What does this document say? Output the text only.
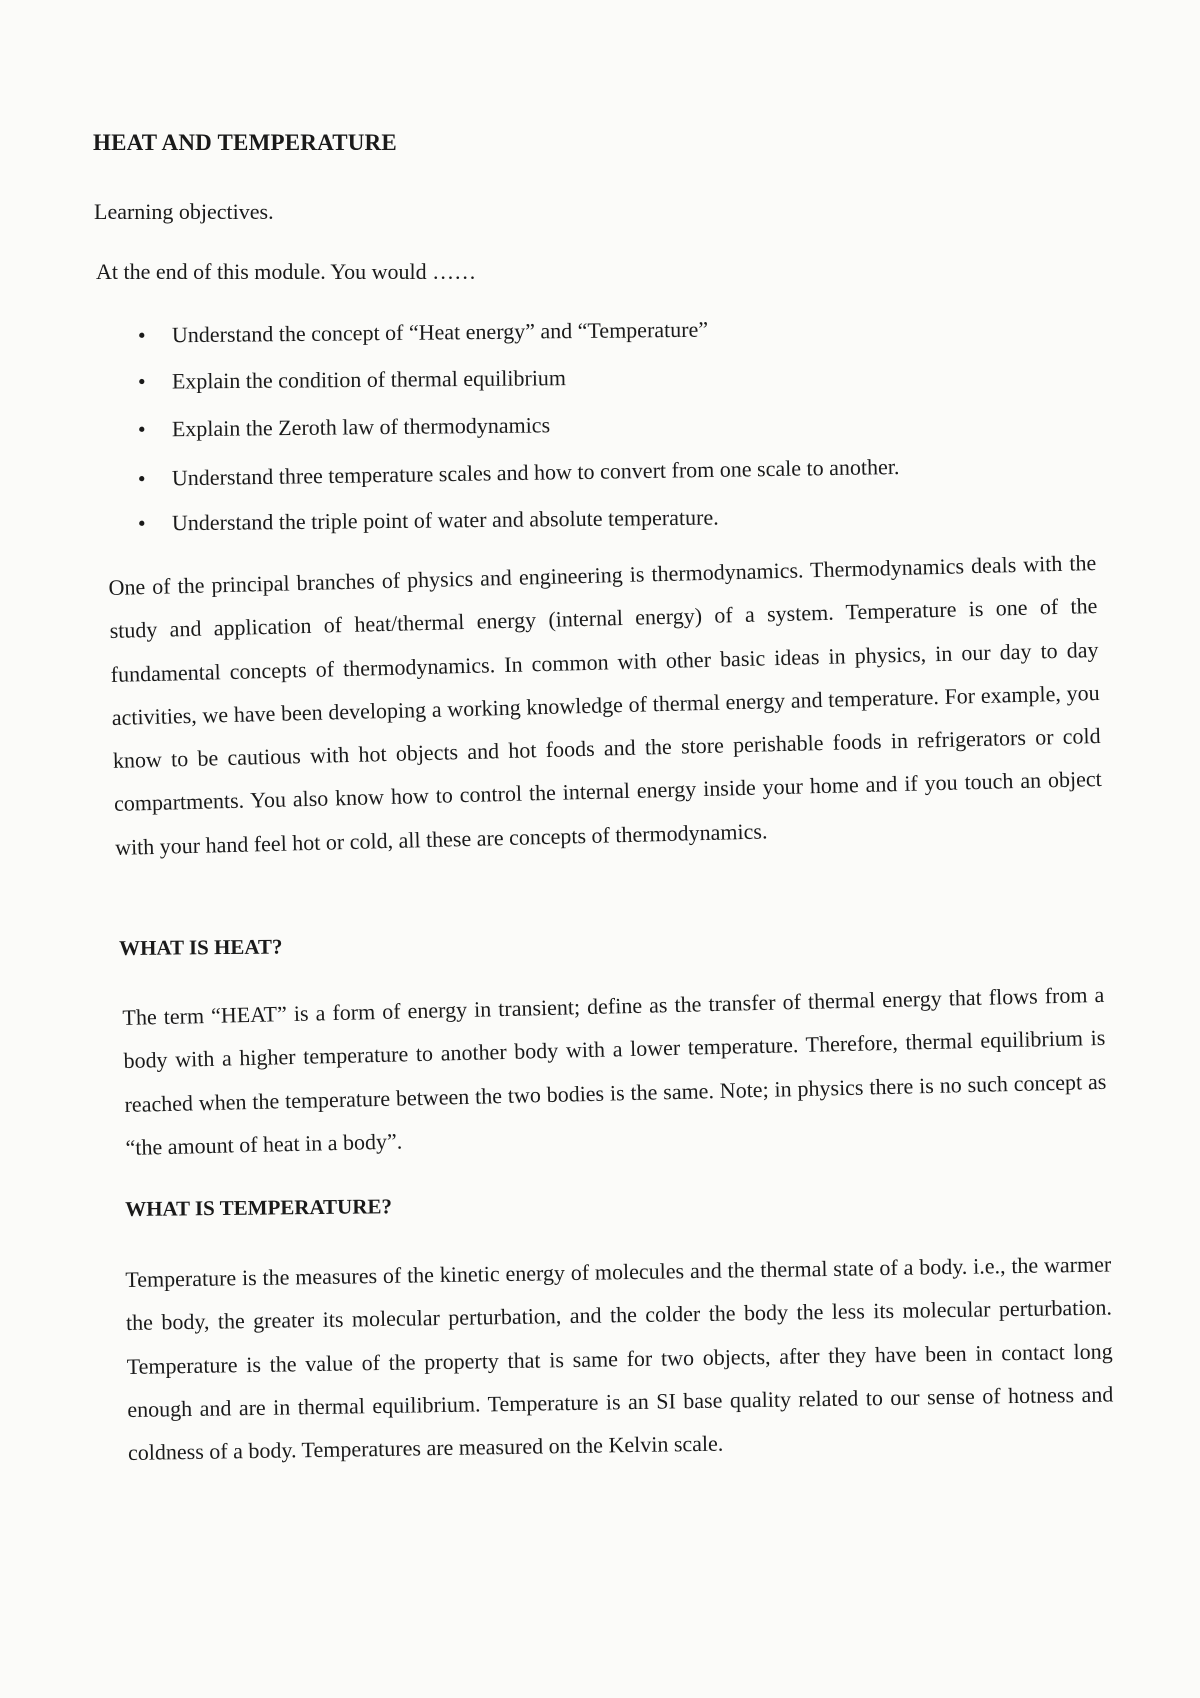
HEAT AND TEMPERATURE
Learning objectives.
At the end of this module. You would ……
• Understand the concept of “Heat energy” and “Temperature”
• Explain the condition of thermal equilibrium
• Explain the Zeroth law of thermodynamics
• Understand three temperature scales and how to convert from one scale to another.
• Understand the triple point of water and absolute temperature.
One of the principal branches of physics and engineering is thermodynamics. Thermodynamics deals with the study and application of heat/thermal energy (internal energy) of a system. Temperature is one of the fundamental concepts of thermodynamics. In common with other basic ideas in physics, in our day to day activities, we have been developing a working knowledge of thermal energy and temperature. For example, you know to be cautious with hot objects and hot foods and the store perishable foods in refrigerators or cold compartments. You also know how to control the internal energy inside your home and if you touch an object with your hand feel hot or cold, all these are concepts of thermodynamics.
WHAT IS HEAT?
The term “HEAT” is a form of energy in transient; define as the transfer of thermal energy that flows from a body with a higher temperature to another body with a lower temperature. Therefore, thermal equilibrium is reached when the temperature between the two bodies is the same. Note; in physics there is no such concept as “the amount of heat in a body”.
WHAT IS TEMPERATURE?
Temperature is the measures of the kinetic energy of molecules and the thermal state of a body. i.e., the warmer the body, the greater its molecular perturbation, and the colder the body the less its molecular perturbation. Temperature is the value of the property that is same for two objects, after they have been in contact long enough and are in thermal equilibrium. Temperature is an SI base quality related to our sense of hotness and coldness of a body. Temperatures are measured on the Kelvin scale.
